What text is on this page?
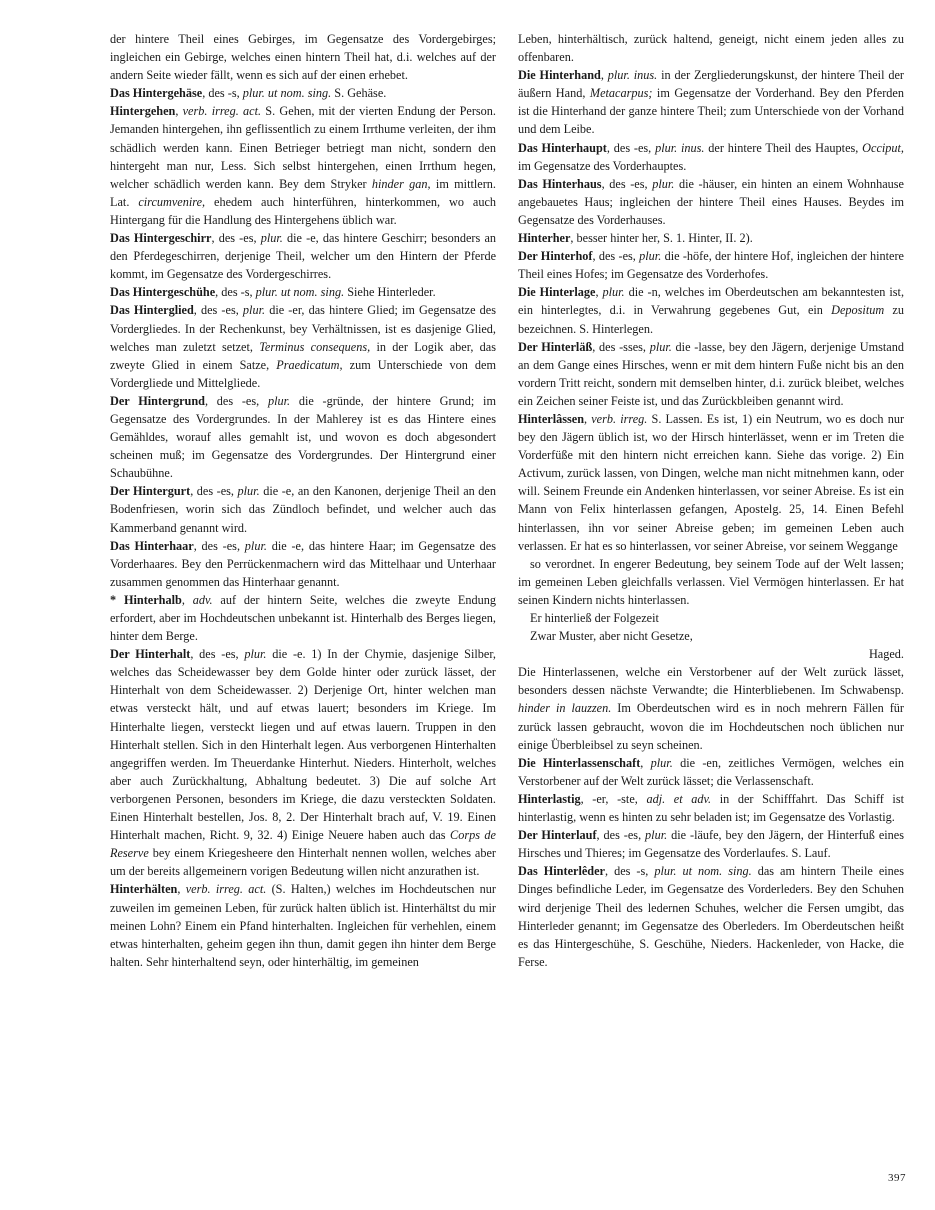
der hintere Theil eines Gebirges, im Gegensatze des Vordergebirges; ingleichen ein Gebirge, welches einen hintern Theil hat, d.i. welches auf der andern Seite wieder fällt, wenn es sich auf der einen erhebet.

Das Hintergehäse, des -s, plur. ut nom. sing. S. Gehäse.

Hintergehen, verb. irreg. act. S. Gehen, mit der vierten Endung der Person. Jemanden hintergehen, ihn geflissentlich zu einem Irrthume verleiten, der ihm schädlich werden kann. Einen Betrieger betriegt man nicht, sondern den hintergeht man nur, Less. Sich selbst hintergehen, einen Irrthum hegen, welcher schädlich werden kann. Bey dem Stryker hinder gan, im mittlern. Lat. circumvenire, ehedem auch hinterführen, hinterkommen, wo auch Hintergang für die Handlung des Hintergehens üblich war.

Das Hintergeschirr, des -es, plur. die -e, das hintere Geschirr; besonders an den Pferdegeschirren, derjenige Theil, welcher um den Hintern der Pferde kommt, im Gegensatze des Vordergeschirres.

Das Hintergeschühe, des -s, plur. ut nom. sing. Siehe Hinterleder.

Das Hinterglied, des -es, plur. die -er, das hintere Glied; im Gegensatze des Vordergliedes. In der Rechenkunst, bey Verhältnissen, ist es dasjenige Glied, welches man zuletzt setzet, Terminus consequens, in der Logik aber, das zweyte Glied in einem Satze, Praedicatum, zum Unterschiede von dem Vordergliede und Mittelgliede.

Der Hintergrund, des -es, plur. die -gründe, der hintere Grund; im Gegensatze des Vordergrundes. In der Mahlerey ist es das Hintere eines Gemähldes, worauf alles gemahlt ist, und wovon es doch abgesondert scheinen muß; im Gegensatze des Vordergrundes. Der Hintergrund einer Schaubühne.

Der Hintergurt, des -es, plur. die -e, an den Kanonen, derjenige Theil an den Bodenfriesen, worin sich das Zündloch befindet, und welcher auch das Kammerband genannt wird.

Das Hinterhaar, des -es, plur. die -e, das hintere Haar; im Gegensatze des Vorderhaares. Bey den Perrückenmachern wird das Mittelhaar und Unterhaar zusammen genommen das Hinterhaar genannt.

* Hinterhalb, adv. auf der hintern Seite, welches die zweyte Endung erfordert, aber im Hochdeutschen unbekannt ist. Hinterhalb des Berges liegen, hinter dem Berge.

Der Hinterhalt, des -es, plur. die -e. 1) In der Chymie, dasjenige Silber, welches das Scheidewasser bey dem Golde hinter oder zurück lässet, der Hinterhalt von dem Scheidewasser. 2) Derjenige Ort, hinter welchen man etwas versteckt hält, und auf etwas lauert; besonders im Kriege. Im Hinterhalte liegen, versteckt liegen und auf etwas lauern. Truppen in den Hinterhalt stellen. Sich in den Hinterhalt legen. Aus verborgenen Hinterhalten angegriffen werden. Im Theuerdanke Hinterhut. Nieders. Hinterholt, welches aber auch Zurückhaltung, Abhaltung bedeutet. 3) Die auf solche Art verborgenen Personen, besonders im Kriege, die dazu versteckten Soldaten. Einen Hinterhalt bestellen, Jos. 8, 2. Der Hinterhalt brach auf, V. 19. Einen Hinterhalt machen, Richt. 9, 32. 4) Einige Neuere haben auch das Corps de Reserve bey einem Kriegesheere den Hinterhalt nennen wollen, welches aber um der bereits allgemeinern vorigen Bedeutung willen nicht anzurathen ist.

Hinterhälten, verb. irreg. act. (S. Halten,) welches im Hochdeutschen nur zuweilen im gemeinen Leben, für zurück halten üblich ist. Hinterhältst du mir meinen Lohn? Einem ein Pfand hinterhalten. Ingleichen für verhehlen, einem etwas hinterhalten, geheim gegen ihn thun, damit gegen ihn hinter dem Berge halten. Sehr hinterhaltend seyn, oder hinterhältig, im gemeinen

Leben, hinterhältisch, zurück haltend, geneigt, nicht einem jeden alles zu offenbaren.

Die Hinterhand, plur. inus. in der Zergliederungskunst, der hintere Theil der äußern Hand, Metacarpus; im Gegensatze der Vorderhand. Bey den Pferden ist die Hinterhand der ganze hintere Theil; zum Unterschiede von der Vorhand und dem Leibe.

Das Hinterhaupt, des -es, plur. inus. der hintere Theil des Hauptes, Occiput, im Gegensatze des Vorderhauptes.

Das Hinterhaus, des -es, plur. die -häuser, ein hinten an einem Wohnhause angebauetes Haus; ingleichen der hintere Theil eines Hauses. Beydes im Gegensatze des Vorderhauses.

Hinterher, besser hinter her, S. 1. Hinter, II. 2).

Der Hinterhof, des -es, plur. die -höfe, der hintere Hof, ingleichen der hintere Theil eines Hofes; im Gegensatze des Vorderhofes.

Die Hinterlage, plur. die -n, welches im Oberdeutschen am bekanntesten ist, ein hinterlegtes, d.i. in Verwahrung gegebenes Gut, ein Depositum zu bezeichnen. S. Hinterlegen.

Der Hinterläß, des -sses, plur. die -lasse, bey den Jägern, derjenige Umstand an dem Gange eines Hirsches, wenn er mit dem hintern Fuße nicht bis an den vordern Tritt reicht, sondern mit demselben hinter, d.i. zurück bleibet, welches ein Zeichen seiner Feiste ist, und das Zurückbleiben genannt wird.

Hinterlâssen, verb. irreg. S. Lassen. Es ist, 1) ein Neutrum, wo es doch nur bey den Jägern üblich ist, wo der Hirsch hinterlässet, wenn er im Treten die Vorderfüße mit den hintern nicht erreichen kann. Siehe das vorige. 2) Ein Activum, zurück lassen, von Dingen, welche man nicht mitnehmen kann, oder will. Seinem Freunde ein Andenken hinterlassen, vor seiner Abreise. Es ist ein Mann von Felix hinterlassen gefangen, Apostelg. 25, 14. Einen Befehl hinterlassen, ihn vor seiner Abreise geben; im gemeinen Leben auch verlassen. Er hat es so hinterlassen, vor seiner Abreise, vor seinem Weggange

so verordnet. In engerer Bedeutung, bey seinem Tode auf der Welt lassen; im gemeinen Leben gleichfalls verlassen. Viel Vermögen hinterlassen. Er hat seinen Kindern nichts hinterlassen.

Er hinterließ der Folgezeit

Zwar Muster, aber nicht Gesetze,

Haged.

Die Hinterlassenen, welche ein Verstorbener auf der Welt zurück lässet, besonders dessen nächste Verwandte; die Hinterbliebenen. Im Schwabensp. hinder in lauzzen. Im Oberdeutschen wird es in noch mehrern Fällen für zurück lassen gebraucht, wovon die im Hochdeutschen noch üblichen nur einige Überbleibsel zu seyn scheinen.

Die Hinterlassenschaft, plur. die -en, zeitliches Vermögen, welches ein Verstorbener auf der Welt zurück lässet; die Verlassenschaft.

Hinterlastig, -er, -ste, adj. et adv. in der Schifffahrt. Das Schiff ist hinterlastig, wenn es hinten zu sehr beladen ist; im Gegensatze des Vorlastig.

Der Hinterlauf, des -es, plur. die -läufe, bey den Jägern, der Hinterfuß eines Hirsches und Thieres; im Gegensatze des Vorderlaufes. S. Lauf.

Das Hinterlêder, des -s, plur. ut nom. sing. das am hintern Theile eines Dinges befindliche Leder, im Gegensatze des Vorderleders. Bey den Schuhen wird derjenige Theil des ledernen Schuhes, welcher die Fersen umgibt, das Hinterleder genannt; im Gegensatze des Oberleders. Im Oberdeutschen heißt es das Hintergeschühe, S. Geschühe, Nieders. Hackenleder, von Hacke, die Ferse.

397
